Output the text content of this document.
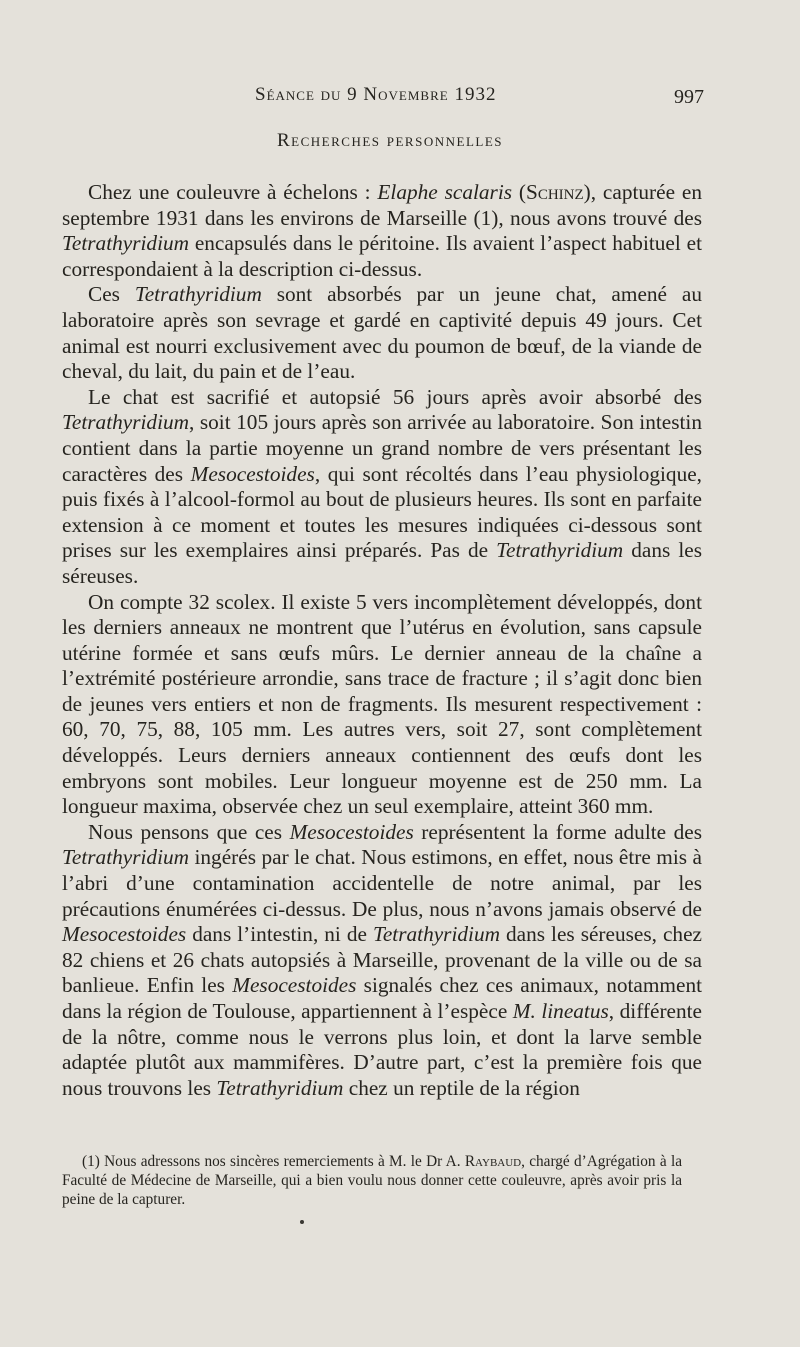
Séance du 9 Novembre 1932	997
Recherches personnelles

Chez une couleuvre à échelons : Elaphe scalaris (Schinz), capturée en septembre 1931 dans les environs de Marseille (1), nous avons trouvé des Tetrathyridium encapsulés dans le péritoine. Ils avaient l’aspect habituel et correspondaient à la description ci-dessus.

Ces Tetrathyridium sont absorbés par un jeune chat, amené au laboratoire après son sevrage et gardé en captivité depuis 49 jours. Cet animal est nourri exclusivement avec du poumon de bœuf, de la viande de cheval, du lait, du pain et de l’eau.

Le chat est sacrifié et autopsié 56 jours après avoir absorbé des Tetrathyridium, soit 105 jours après son arrivée au laboratoire. Son intestin contient dans la partie moyenne un grand nombre de vers présentant les caractères des Mesocestoides, qui sont récoltés dans l’eau physiologique, puis fixés à l’alcool-formol au bout de plusieurs heures. Ils sont en parfaite extension à ce moment et toutes les mesures indiquées ci-dessous sont prises sur les exemplaires ainsi préparés. Pas de Tetrathyridium dans les séreuses.

On compte 32 scolex. Il existe 5 vers incomplètement développés, dont les derniers anneaux ne montrent que l’utérus en évolution, sans capsule utérine formée et sans œufs mûrs. Le dernier anneau de la chaîne a l’extrémité postérieure arrondie, sans trace de fracture ; il s’agit donc bien de jeunes vers entiers et non de fragments. Ils mesurent respectivement : 60, 70, 75, 88, 105 mm. Les autres vers, soit 27, sont complètement développés. Leurs derniers anneaux contiennent des œufs dont les embryons sont mobiles. Leur longueur moyenne est de 250 mm. La longueur maxima, observée chez un seul exemplaire, atteint 360 mm.

Nous pensons que ces Mesocestoides représentent la forme adulte des Tetrathyridium ingérés par le chat. Nous estimons, en effet, nous être mis à l’abri d’une contamination accidentelle de notre animal, par les précautions énumérées ci-dessus. De plus, nous n’avons jamais observé de Mesocestoides dans l’intestin, ni de Tetrathyridium dans les séreuses, chez 82 chiens et 26 chats autopsiés à Marseille, provenant de la ville ou de sa banlieue. Enfin les Mesocestoides signalés chez ces animaux, notamment dans la région de Toulouse, appartiennent à l’espèce M. lineatus, différente de la nôtre, comme nous le verrons plus loin, et dont la larve semble adaptée plutôt aux mammifères. D’autre part, c’est la première fois que nous trouvons les Tetrathyridium chez un reptile de la région

(1) Nous adressons nos sincères remerciements à M. le Dr A. Raybaud, chargé d’Agrégation à la Faculté de Médecine de Marseille, qui a bien voulu nous donner cette couleuvre, après avoir pris la peine de la capturer.
